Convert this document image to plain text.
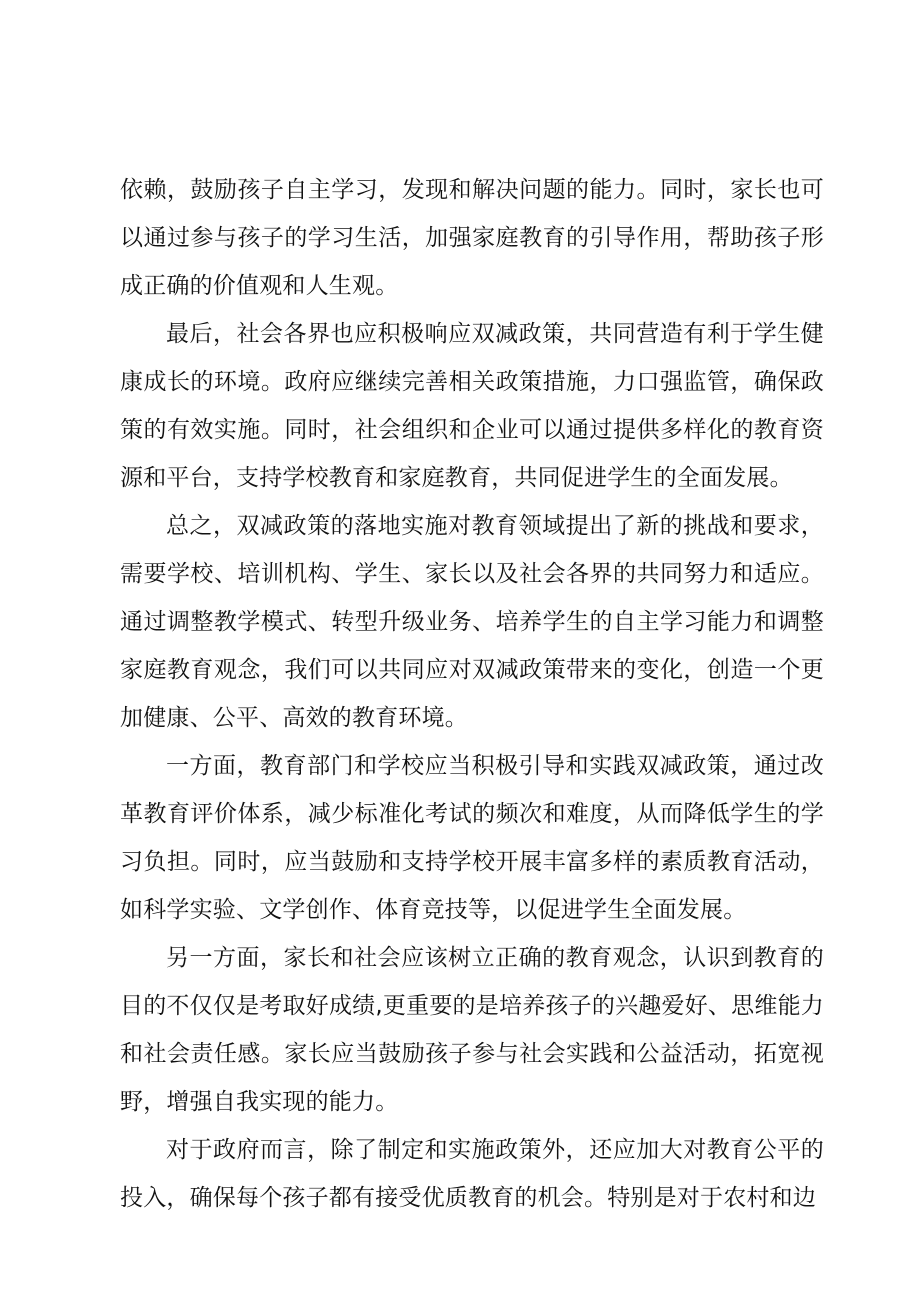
依赖，鼓励孩子自主学习，发现和解决问题的能力。同时，家长也可以通过参与孩子的学习生活，加强家庭教育的引导作用，帮助孩子形成正确的价值观和人生观。

最后，社会各界也应积极响应双减政策，共同营造有利于学生健康成长的环境。政府应继续完善相关政策措施，力口强监管，确保政策的有效实施。同时，社会组织和企业可以通过提供多样化的教育资源和平台，支持学校教育和家庭教育，共同促进学生的全面发展。

总之，双减政策的落地实施对教育领域提出了新的挑战和要求，需要学校、培训机构、学生、家长以及社会各界的共同努力和适应。通过调整教学模式、转型升级业务、培养学生的自主学习能力和调整家庭教育观念，我们可以共同应对双减政策带来的变化，创造一个更加健康、公平、高效的教育环境。

一方面，教育部门和学校应当积极引导和实践双减政策，通过改革教育评价体系，减少标准化考试的频次和难度，从而降低学生的学习负担。同时，应当鼓励和支持学校开展丰富多样的素质教育活动，如科学实验、文学创作、体育竞技等，以促进学生全面发展。

另一方面，家长和社会应该树立正确的教育观念，认识到教育的目的不仅仅是考取好成绩,更重要的是培养孩子的兴趣爱好、思维能力和社会责任感。家长应当鼓励孩子参与社会实践和公益活动，拓宽视野，增强自我实现的能力。

对于政府而言，除了制定和实施政策外，还应加大对教育公平的投入，确保每个孩子都有接受优质教育的机会。特别是对于农村和边
